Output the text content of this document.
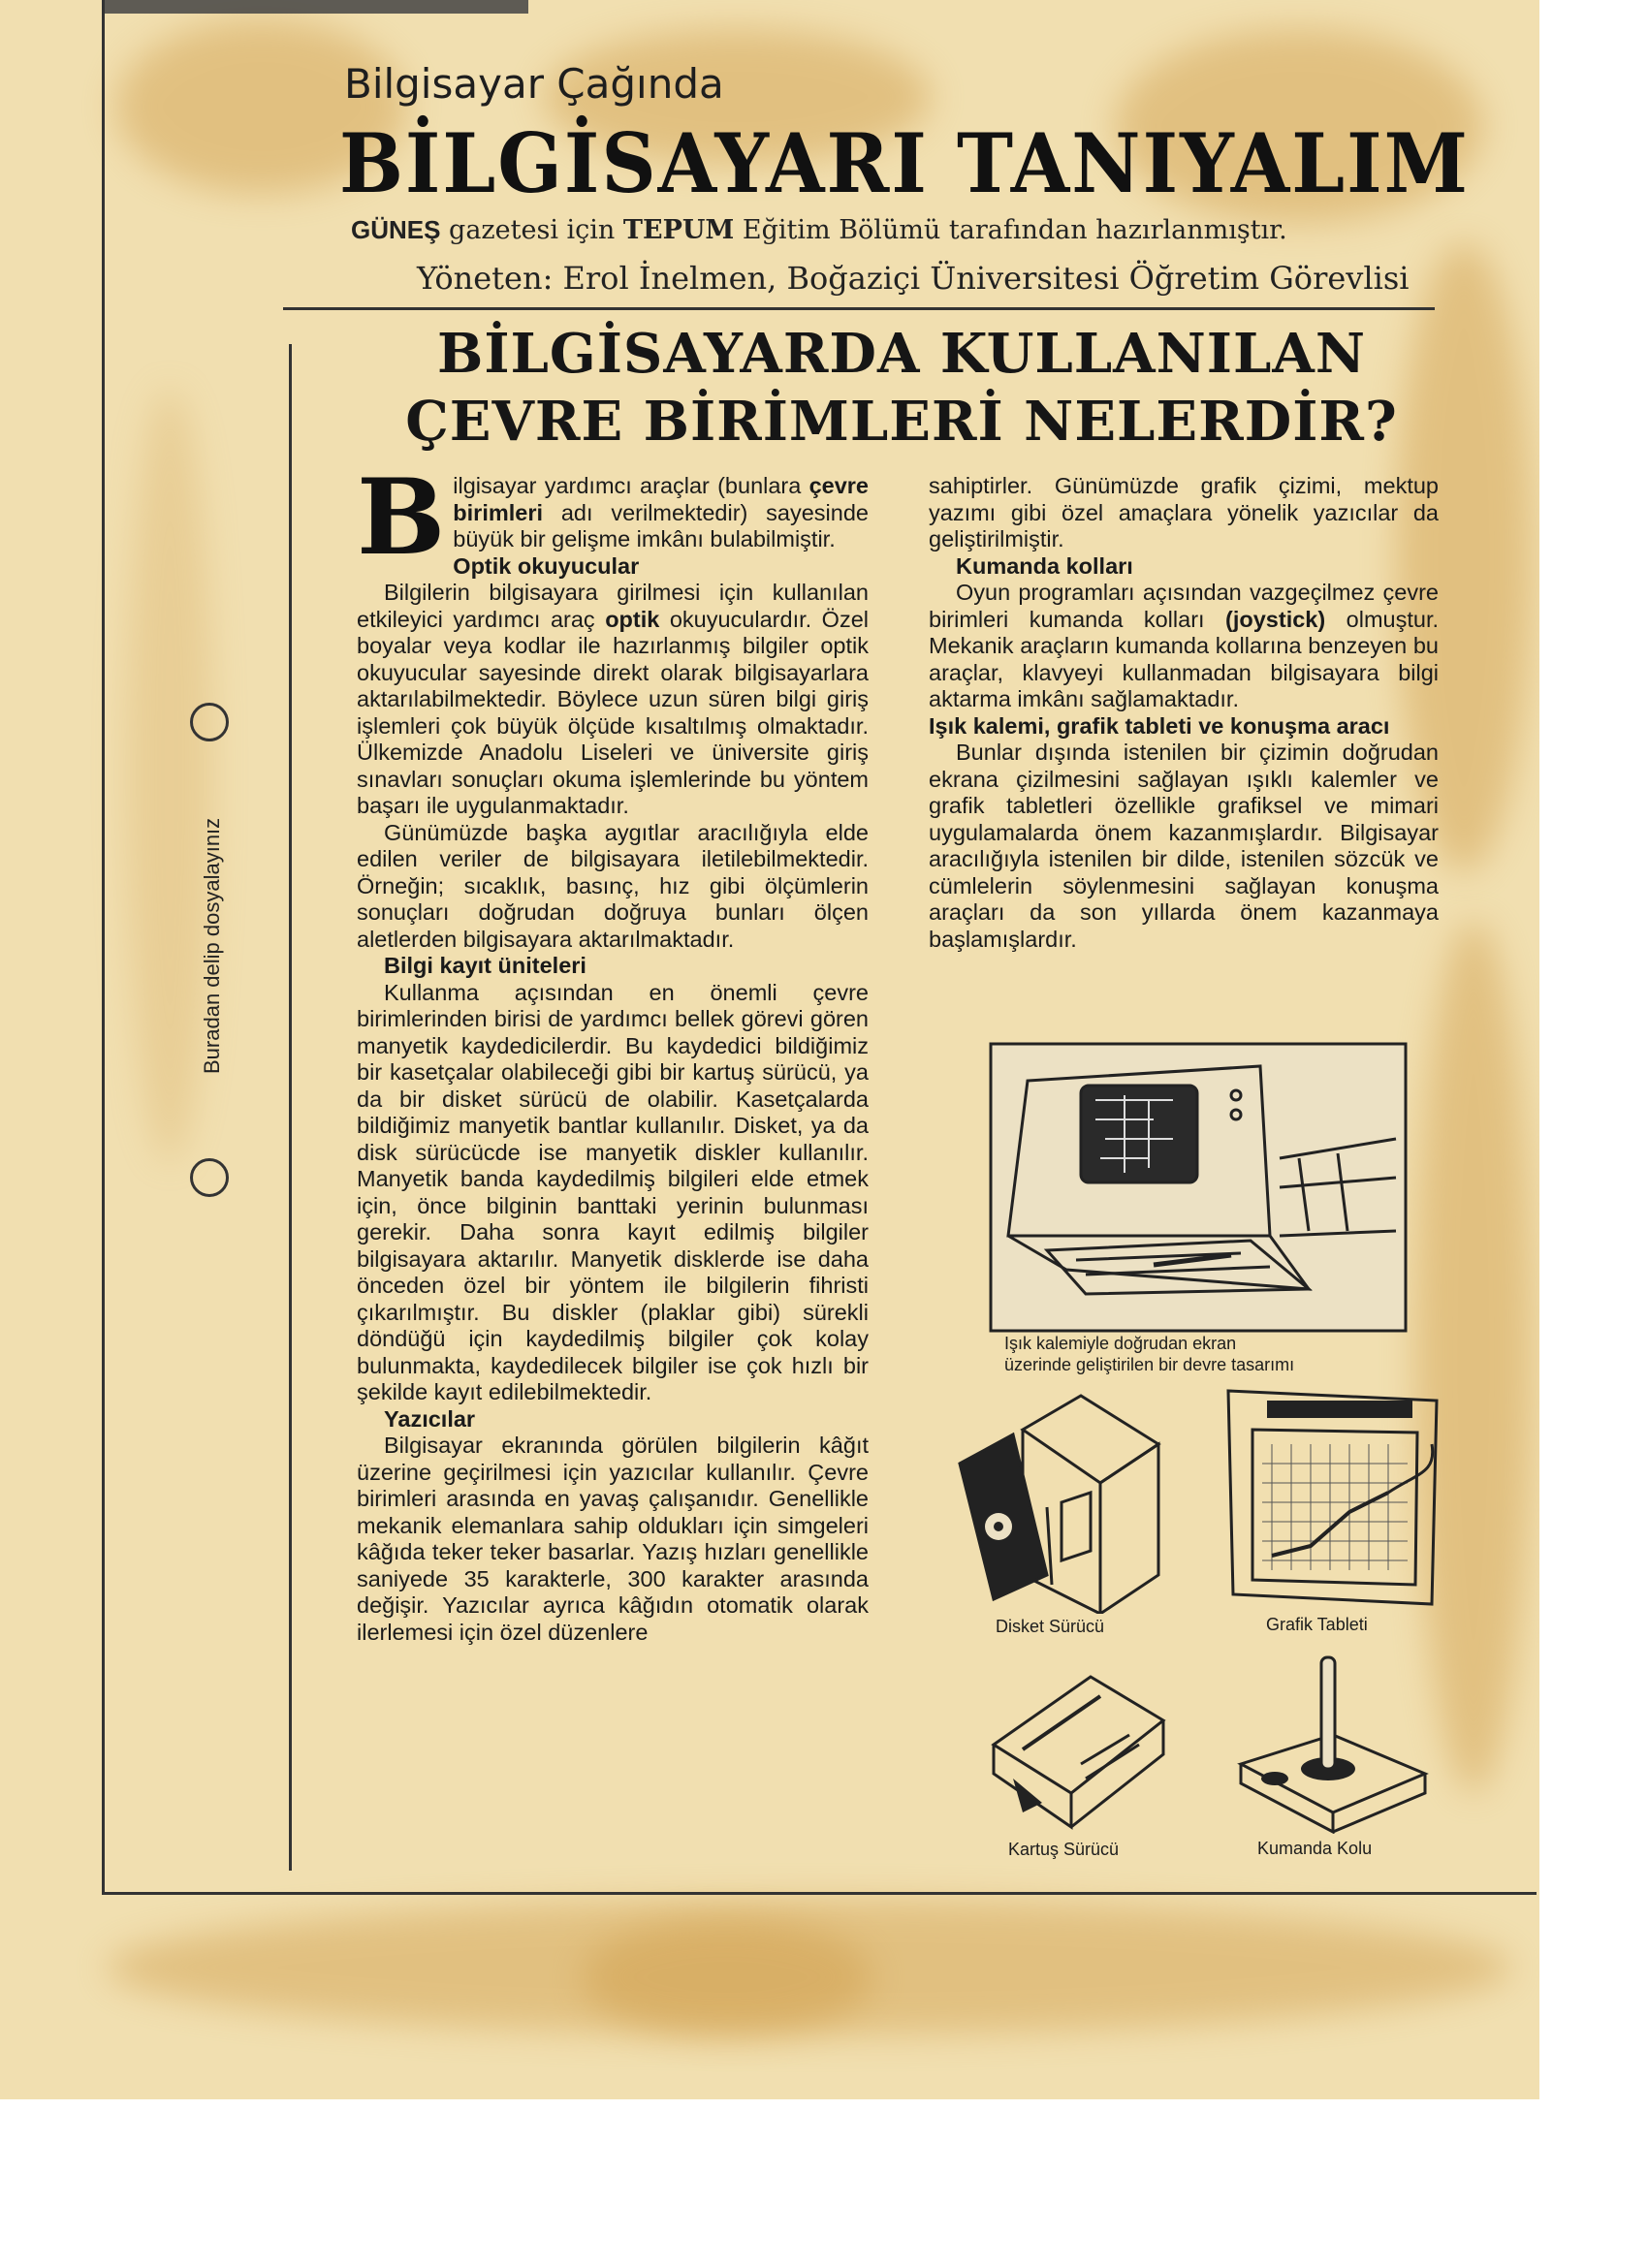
Buradan delip dosyalayınız
Bilgisayar Çağında
BİLGİSAYARI TANIYALIM
GÜNEŞ gazetesi için TEPUM Eğitim Bölümü tarafından hazırlanmıştır.
Yöneten: Erol İnelmen, Boğaziçi Üniversitesi Öğretim Görevlisi
BİLGİSAYARDA KULLANILAN
ÇEVRE BİRİMLERİ NELERDİR?

Bilgisayar yardımcı araçlar (bunlara çevre birimleri adı verilmektedir) sayesinde büyük bir gelişme imkânı bulabilmiştir.

Optik okuyucular

Bilgilerin bilgisayara girilmesi için kullanılan etkileyici yardımcı araç optik okuyuculardır. Özel boyalar veya kodlar ile hazırlanmış bilgiler optik okuyucular sayesinde direkt olarak bilgisayarlara aktarılabilmektedir. Böylece uzun süren bilgi giriş işlemleri çok büyük ölçüde kısaltılmış olmaktadır. Ülkemizde Anadolu Liseleri ve üniversite giriş sınavları sonuçları okuma işlemlerinde bu yöntem başarı ile uygulanmaktadır.

Günümüzde başka aygıtlar aracılığıyla elde edilen veriler de bilgisayara iletilebilmektedir. Örneğin; sıcaklık, basınç, hız gibi ölçümlerin sonuçları doğrudan doğruya bunları ölçen aletlerden bilgisayara aktarılmaktadır.

Bilgi kayıt üniteleri

Kullanma açısından en önemli çevre birimlerinden birisi de yardımcı bellek görevi gören manyetik kaydedicilerdir. Bu kaydedici bildiğimiz bir kasetçalar olabileceği gibi bir kartuş sürücü, ya da bir disket sürücü de olabilir. Kasetçalarda bildiğimiz manyetik bantlar kullanılır. Disket, ya da disk sürücücde ise manyetik diskler kullanılır. Manyetik banda kaydedilmiş bilgileri elde etmek için, önce bilginin banttaki yerinin bulunması gerekir. Daha sonra kayıt edilmiş bilgiler bilgisayara aktarılır. Manyetik disklerde ise daha önceden özel bir yöntem ile bilgilerin fihristi çıkarılmıştır. Bu diskler (plaklar gibi) sürekli döndüğü için kaydedilmiş bilgiler çok kolay bulunmakta, kaydedilecek bilgiler ise çok hızlı bir şekilde kayıt edilebilmektedir.

Yazıcılar

Bilgisayar ekranında görülen bilgilerin kâğıt üzerine geçirilmesi için yazıcılar kullanılır. Çevre birimleri arasında en yavaş çalışanıdır. Genellikle mekanik elemanlara sahip oldukları için simgeleri kâğıda teker teker basarlar. Yazış hızları genellikle saniyede 35 karakterle, 300 karakter arasında değişir. Yazıcılar ayrıca kâğıdın otomatik olarak ilerlemesi için özel düzenlere

sahiptirler. Günümüzde grafik çizimi, mektup yazımı gibi özel amaçlara yönelik yazıcılar da geliştirilmiştir.

Kumanda kolları

Oyun programları açısından vazgeçilmez çevre birimleri kumanda kolları (joystick) olmuştur. Mekanik araçların kumanda kollarına benzeyen bu araçlar, klavyeyi kullanmadan bilgisayara bilgi aktarma imkânı sağlamaktadır.

Işık kalemi, grafik tableti ve konuşma aracı

Bunlar dışında istenilen bir çizimin doğrudan ekrana çizilmesini sağlayan ışıklı kalemler ve grafik tabletleri özellikle grafiksel ve mimari uygulamalarda önem kazanmışlardır. Bilgisayar aracılığıyla istenilen bir dilde, istenilen sözcük ve cümlelerin söylenmesini sağlayan konuşma araçları da son yıllarda önem kazanmaya başlamışlardır.

Işık kalemiyle doğrudan ekran
üzerinde geliştirilen bir devre tasarımı
Disket Sürücü	Grafik Tableti
Kartuş Sürücü	Kumanda Kolu
